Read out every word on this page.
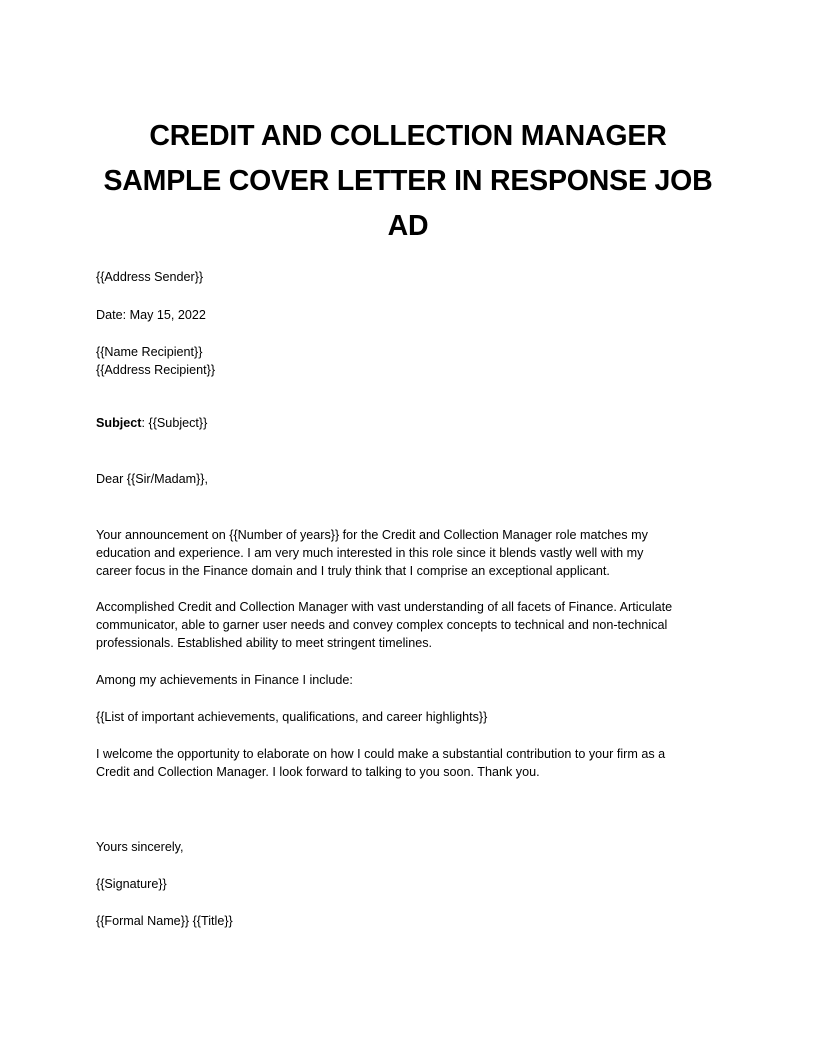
CREDIT AND COLLECTION MANAGER
SAMPLE COVER LETTER IN RESPONSE JOB
AD

{{Address Sender}}

Date: May 15, 2022

{{Name Recipient}}

{{Address Recipient}}

Subject: {{Subject}}

Dear {{Sir/Madam}},

Your announcement on {{Number of years}} for the Credit and Collection Manager role matches my
education and experience. I am very much interested in this role since it blends vastly well with my
career focus in the Finance domain and I truly think that I comprise an exceptional applicant.
Accomplished Credit and Collection Manager with vast understanding of all facets of Finance. Articulate
communicator, able to garner user needs and convey complex concepts to technical and non-technical
professionals. Established ability to meet stringent timelines.

Among my achievements in Finance I include:

{{List of important achievements, qualifications, and career highlights}}

I welcome the opportunity to elaborate on how I could make a substantial contribution to your firm as a
Credit and Collection Manager. I look forward to talking to you soon. Thank you.

Yours sincerely,

{{Signature}}

{{Formal Name}} {{Title}}
